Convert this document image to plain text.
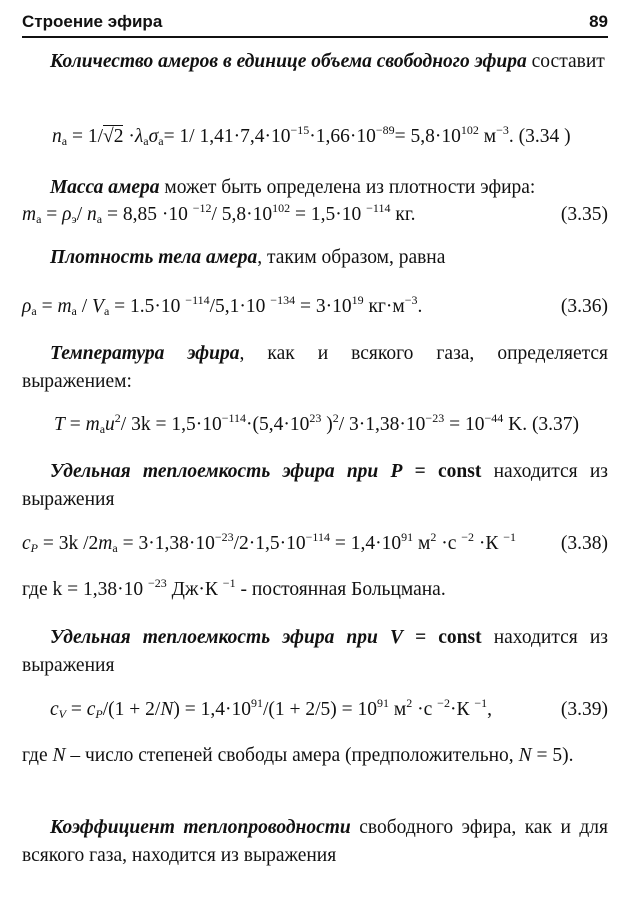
Строение эфира	89
Количество амеров в единице объема свободного эфира составит
$n_а = 1/√2 \cdot\lambda_а\sigma_а= 1/$ $1,41\cdot 7,4\cdot 10^{-15}\cdot 1,66\cdot 10^{-89}= 5,8\cdot 10^{102}$ $м^{-3}$. (3.34 )
Масса амера может быть определена из плотности эфира:
$m_а = \rho_э/$ $n_а = 8,85 \cdot 10$ $^{-12}$/ $5,8\cdot 10^{102} = 1,5\cdot 10$ $^{-114}$ кг.	(3.35)
Плотность тела амера, таким образом, равна
$\rho_а = m_а / V_а = 1.5\cdot 10$ $^{-114}$/5,1·10 $^{-134} = 3\cdot 10^{19}$ $кг\cdot м^{-3}$.	(3.36)
Температура эфира, как и всякого газа, определяется выражением:
$T = m_аu^2/$ $3k = 1,5\cdot 10^{-114}\cdot(5,4\cdot 10^{23}$ )$^2$/ $3\cdot 1,38\cdot 10^{-23} = 10^{-44}$ K. (3.37)
Удельная теплоемкость эфира при P = const находится из выражения
$c_P = 3k$ $/2m_а = 3\cdot 1,38\cdot 10^{-23}/2\cdot 1,5\cdot 10^{-114} = 1,4\cdot 10^{91}$ $м^2 \cdot с$ $^{-2}$ ·К $^{-1}$ (3.38)
где k = 1,38·10 $^{-23}$ Дж·К $^{-1}$ - постоянная Больцмана.
Удельная теплоемкость эфира при V = const находится из выражения
$c_V = c_P/(1 + 2/N) = 1,4\cdot 10^{91}/(1 + 2/5) = 10^{91}$ $м^2 \cdot с$ $^{-2}$·К $^{-1}$,	(3.39)
где N – число степеней свободы амера (предположительно, N = 5).
Коэффициент теплопроводности свободного эфира, как и для всякого газа, находится из выражения
